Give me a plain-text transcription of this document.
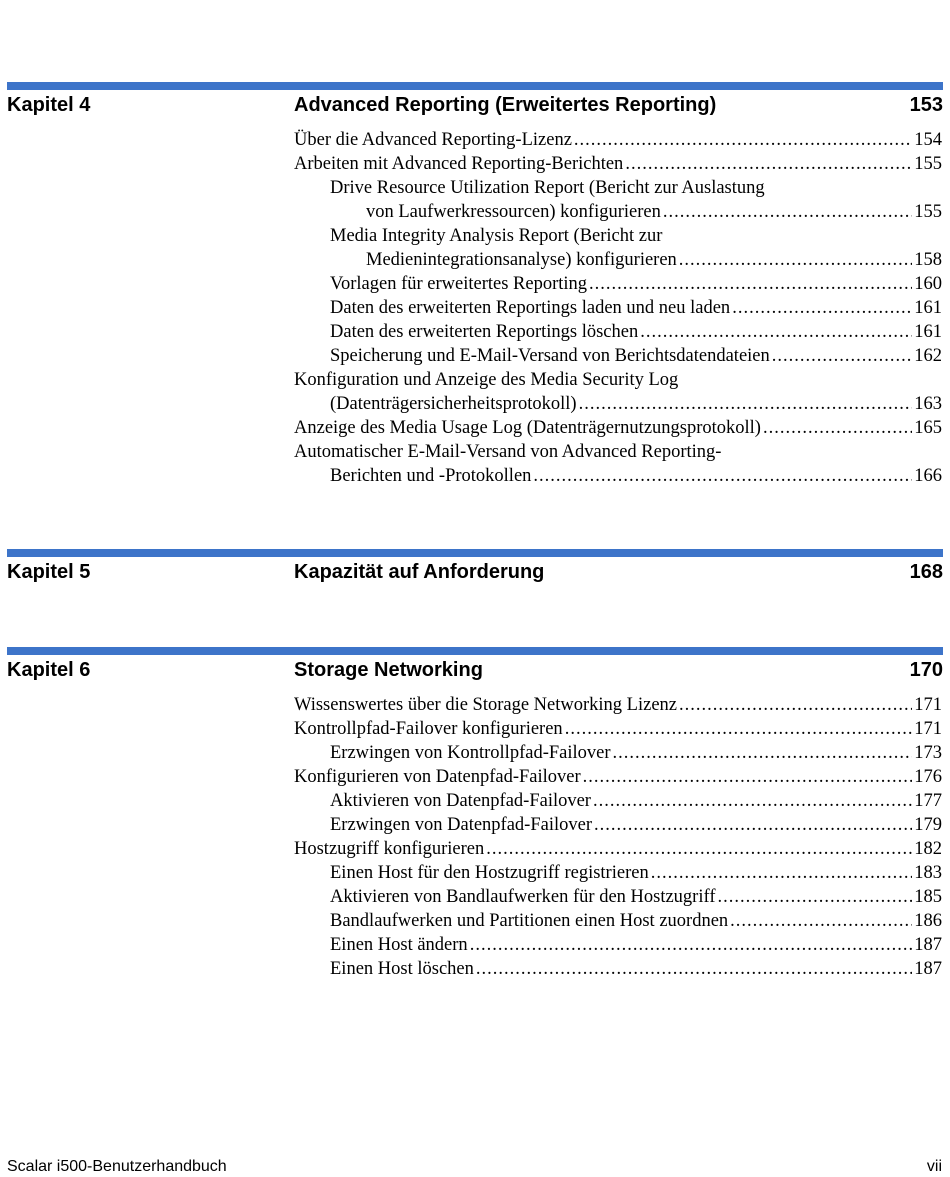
Kapitel 4	Advanced Reporting (Erweitertes Reporting)	153
Über die Advanced Reporting-Lizenz .....	154
Arbeiten mit Advanced Reporting-Berichten .....	155
Drive Resource Utilization Report (Bericht zur Auslastung
von Laufwerkressourcen) konfigurieren .....	155
Media Integrity Analysis Report (Bericht zur
Medienintegrationsanalyse) konfigurieren .....	158
Vorlagen für erweitertes Reporting .....	160
Daten des erweiterten Reportings laden und neu laden .....	161
Daten des erweiterten Reportings löschen .....	161
Speicherung und E-Mail-Versand von Berichtsdatendateien .....	162
Konfiguration und Anzeige des Media Security Log
(Datenträgersicherheitsprotokoll) .....	163
Anzeige des Media Usage Log (Datenträgernutzungsprotokoll) .....	165
Automatischer E-Mail-Versand von Advanced Reporting-
Berichten und -Protokollen .....	166
Kapitel 5	Kapazität auf Anforderung	168
Kapitel 6	Storage Networking	170
Wissenswertes über die Storage Networking Lizenz .....	171
Kontrollpfad-Failover konfigurieren .....	171
Erzwingen von Kontrollpfad-Failover .....	173
Konfigurieren von Datenpfad-Failover .....	176
Aktivieren von Datenpfad-Failover .....	177
Erzwingen von Datenpfad-Failover .....	179
Hostzugriff konfigurieren .....	182
Einen Host für den Hostzugriff registrieren .....	183
Aktivieren von Bandlaufwerken für den Hostzugriff .....	185
Bandlaufwerken und Partitionen einen Host zuordnen .....	186
Einen Host ändern .....	187
Einen Host löschen .....	187
Scalar i500-Benutzerhandbuch	vii
